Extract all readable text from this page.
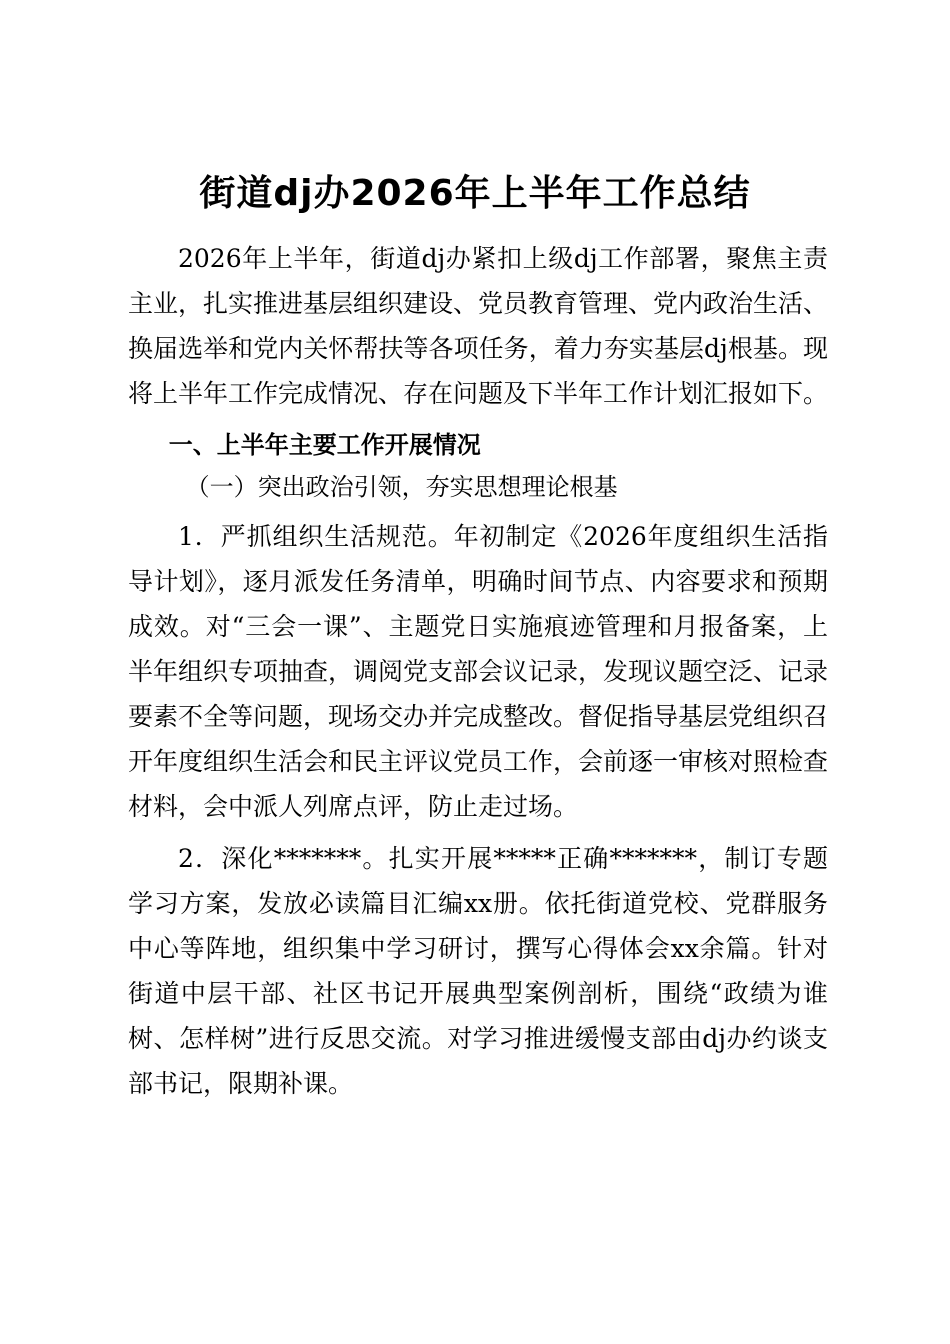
街道dj办2026年上半年工作总结

2026年上半年，街道dj办紧扣上级dj工作部署，聚焦主责主业，扎实推进基层组织建设、党员教育管理、党内政治生活、换届选举和党内关怀帮扶等各项任务，着力夯实基层dj根基。现将上半年工作完成情况、存在问题及下半年工作计划汇报如下。

一、上半年主要工作开展情况

（一）突出政治引领，夯实思想理论根基

1．严抓组织生活规范。年初制定《2026年度组织生活指导计划》，逐月派发任务清单，明确时间节点、内容要求和预期成效。对“三会一课”、主题党日实施痕迹管理和月报备案，上半年组织专项抽查，调阅党支部会议记录，发现议题空泛、记录要素不全等问题，现场交办并完成整改。督促指导基层党组织召开年度组织生活会和民主评议党员工作，会前逐一审核对照检查材料，会中派人列席点评，防止走过场。

2．深化*******。扎实开展*****正确*******，制订专题学习方案，发放必读篇目汇编xx册。依托街道党校、党群服务中心等阵地，组织集中学习研讨，撰写心得体会xx余篇。针对街道中层干部、社区书记开展典型案例剖析，围绕“政绩为谁树、怎样树”进行反思交流。对学习推进缓慢支部由dj办约谈支部书记，限期补课。
